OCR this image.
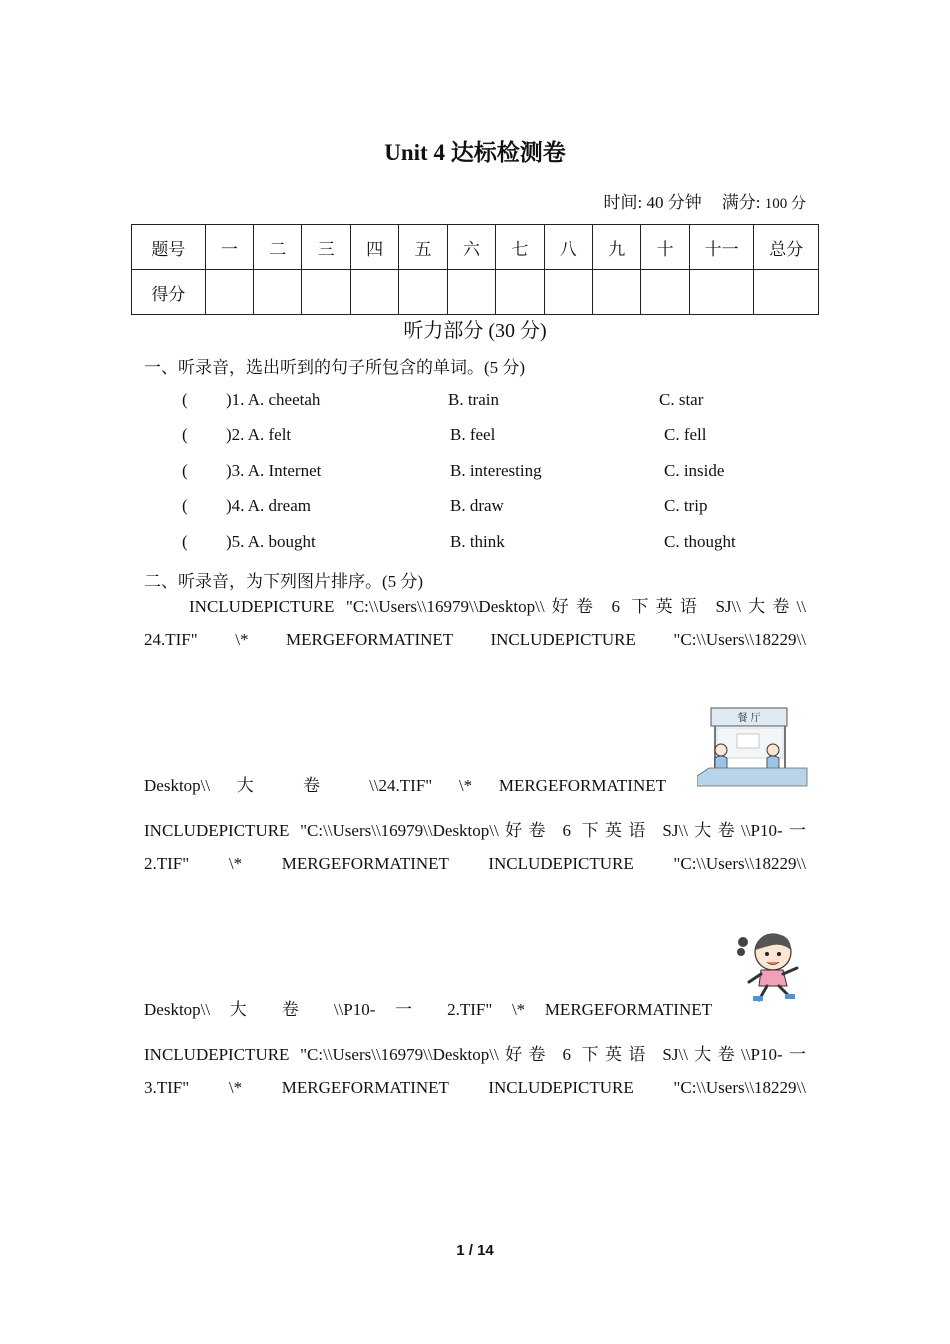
Unit 4 达标检测卷
时间: 40 分钟 满分: 100 分
题号	一	二	三	四	五	六	七	八	九	十	十一	总分
得分												
听力部分 (30 分)
一、听录音，选出听到的句子所包含的单词。(5 分)
( )1. A. cheetah	B. train	C. star
( )2. A. felt	B. feel	C. fell
( )3. A. Internet	B. interesting	C. inside
( )4. A. dream	B. draw	C. trip
( )5. A. bought	B. think	C. thought
二、听录音，为下列图片排序。(5 分)
INCLUDEPICTURE "C:\\Users\\16979\\Desktop\\好卷 6 下英语 SJ\\大卷\\
24.TIF" \* MERGEFORMATINET INCLUDEPICTURE "C:\\Users\\18229\\
Desktop\\ 大 卷 \\24.TIF" \* MERGEFORMATINET
餐 厅
INCLUDEPICTURE "C:\\Users\\16979\\Desktop\\好卷 6 下英语 SJ\\大卷\\P10-一
2.TIF" \* MERGEFORMATINET INCLUDEPICTURE "C:\\Users\\18229\\
Desktop\\ 大 卷 \\P10- 一 2.TIF" \* MERGEFORMATINET
INCLUDEPICTURE "C:\\Users\\16979\\Desktop\\好卷 6 下英语 SJ\\大卷\\P10-一
3.TIF" \* MERGEFORMATINET INCLUDEPICTURE "C:\\Users\\18229\\
1 / 14
